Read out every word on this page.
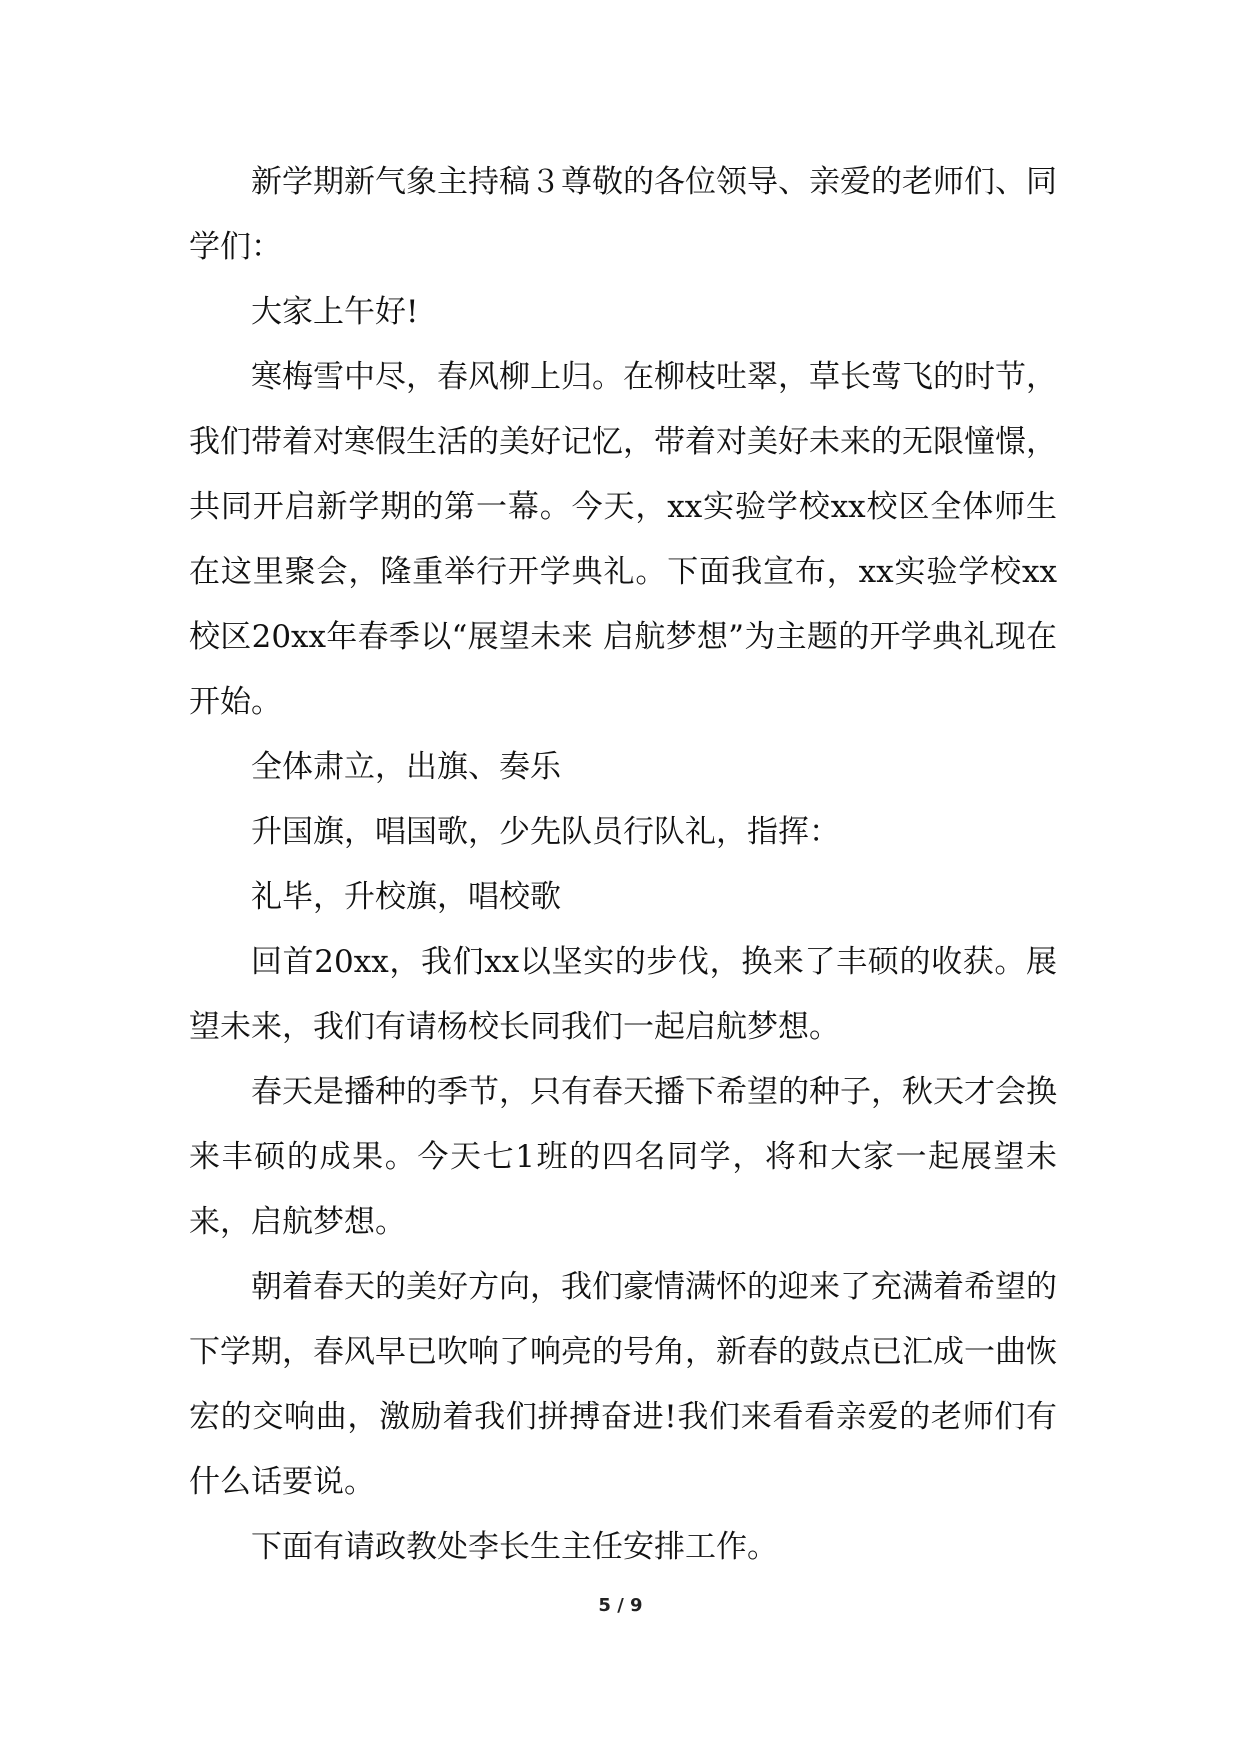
新学期新气象主持稿３尊敬的各位领导、亲爱的老师们、同学们：

大家上午好!

寒梅雪中尽，春风柳上归。在柳枝吐翠，草长莺飞的时节，我们带着对寒假生活的美好记忆，带着对美好未来的无限憧憬，共同开启新学期的第一幕。今天，xx实验学校xx校区全体师生在这里聚会，隆重举行开学典礼。下面我宣布，xx实验学校xx校区20xx年春季以“展望未来 启航梦想”为主题的开学典礼现在开始。

全体肃立，出旗、奏乐

升国旗，唱国歌，少先队员行队礼，指挥：

礼毕，升校旗，唱校歌

回首20xx，我们xx以坚实的步伐，换来了丰硕的收获。展望未来，我们有请杨校长同我们一起启航梦想。

春天是播种的季节，只有春天播下希望的种子，秋天才会换来丰硕的成果。今天七1班的四名同学，将和大家一起展望未来，启航梦想。

朝着春天的美好方向，我们豪情满怀的迎来了充满着希望的下学期，春风早已吹响了响亮的号角，新春的鼓点已汇成一曲恢宏的交响曲，激励着我们拼搏奋进!我们来看看亲爱的老师们有什么话要说。

下面有请政教处李长生主任安排工作。

5 / 9
